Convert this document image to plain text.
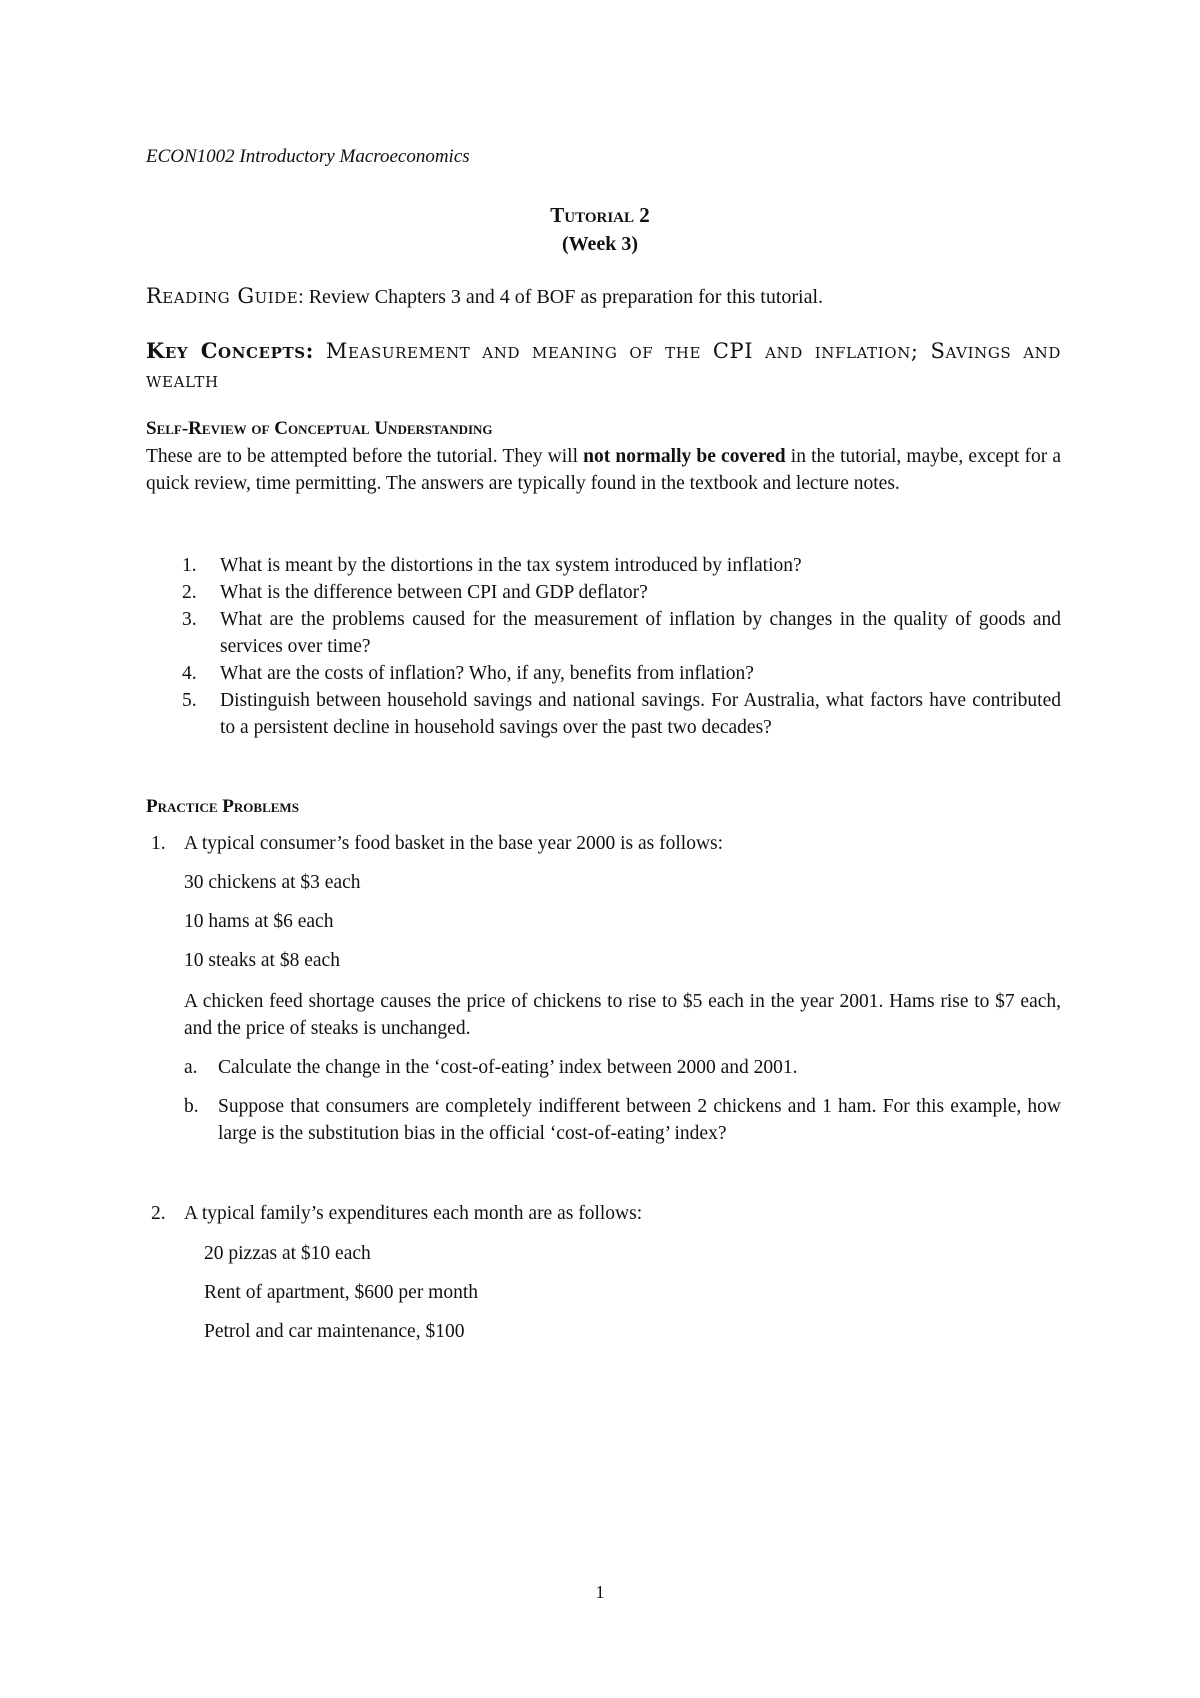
ECON1002 Introductory Macroeconomics
Tutorial 2
(Week 3)
Reading Guide: Review Chapters 3 and 4 of BOF as preparation for this tutorial.
Key Concepts: Measurement and meaning of the CPI and inflation; Savings and wealth
Self-Review of Conceptual Understanding
These are to be attempted before the tutorial. They will not normally be covered in the tutorial, maybe, except for a quick review, time permitting. The answers are typically found in the textbook and lecture notes.
1. What is meant by the distortions in the tax system introduced by inflation?
2. What is the difference between CPI and GDP deflator?
3. What are the problems caused for the measurement of inflation by changes in the quality of goods and services over time?
4. What are the costs of inflation? Who, if any, benefits from inflation?
5. Distinguish between household savings and national savings. For Australia, what factors have contributed to a persistent decline in household savings over the past two decades?
Practice Problems
1. A typical consumer’s food basket in the base year 2000 is as follows:
30 chickens at $3 each
10 hams at $6 each
10 steaks at $8 each
A chicken feed shortage causes the price of chickens to rise to $5 each in the year 2001. Hams rise to $7 each, and the price of steaks is unchanged.
a. Calculate the change in the ‘cost-of-eating’ index between 2000 and 2001.
b. Suppose that consumers are completely indifferent between 2 chickens and 1 ham. For this example, how large is the substitution bias in the official ‘cost-of-eating’ index?
2. A typical family’s expenditures each month are as follows:
20 pizzas at $10 each
Rent of apartment, $600 per month
Petrol and car maintenance, $100
1
